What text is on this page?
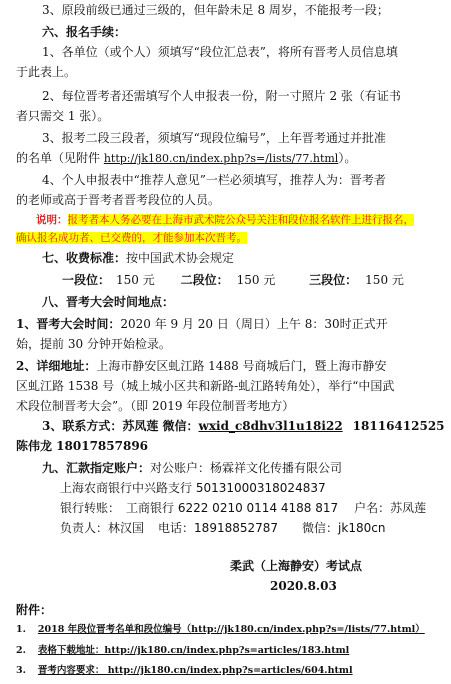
3、原段前级已通过三级的，但年龄未足 8 周岁，不能报考一段；
六、报名手续：
1、各单位（或个人）须填写“段位汇总表”，将所有晋考人员信息填
于此表上。
2、每位晋考者还需填写个人申报表一份，附一寸照片 2 张（有证书
者只需交 1 张）。
3、报考二段三段者，须填写“现段位编号”，上年晋考通过并批准
的名单（见附件 http://jk180.cn/index.php?s=/lists/77.html）。
4、个人申报表中“推荐人意见”一栏必须填写，推荐人为：晋考者
的老师或高于晋考者晋考段位的人员。
说明：报考者本人务必要在上海市武术院公众号关注和段位报名软件上进行报名，
确认报名成功者、已交费的，才能参加本次晋考。
七、收费标准：按中国武术协会规定
一段位： 150 元 二段位： 150 元	三段位： 150 元
八、晋考大会时间地点：
1、晋考大会时间：2020 年 9 月 20 日（周日）上午 8：30时正式开
始，提前 30 分钟开始检录。
2、详细地址：上海市静安区虬江路 1488 号商城后门，暨上海市静安
区虬江路 1538 号（城上城小区共和新路-虬江路转角处），举行“中国武
术段位制晋考大会”。（即 2019 年段位制晋考地方）
3、联系方式：苏凤莲 微信：wxid_c8dhv3l1u18i22 18116412525
陈伟龙 18017857896
九、汇款指定账户：对公账户：杨霖祥文化传播有限公司
上海农商银行中兴路支行 50131000318024837
银行转账： 工商银行 6222 0210 0114 4188 817 户名：苏凤莲
负责人：林汉国 电话：18918852787 微信：jk180cn
柔武（上海静安）考试点
2020.8.03
附件：
1. 2018 年段位晋考名单和段位编号（http://jk180.cn/index.php?s=/lists/77.html）
2. 表格下载地址：http://jk180.cn/index.php?s=articles/183.html
3. 晋考内容要求： http://jk180.cn/index.php?s=articles/604.html
